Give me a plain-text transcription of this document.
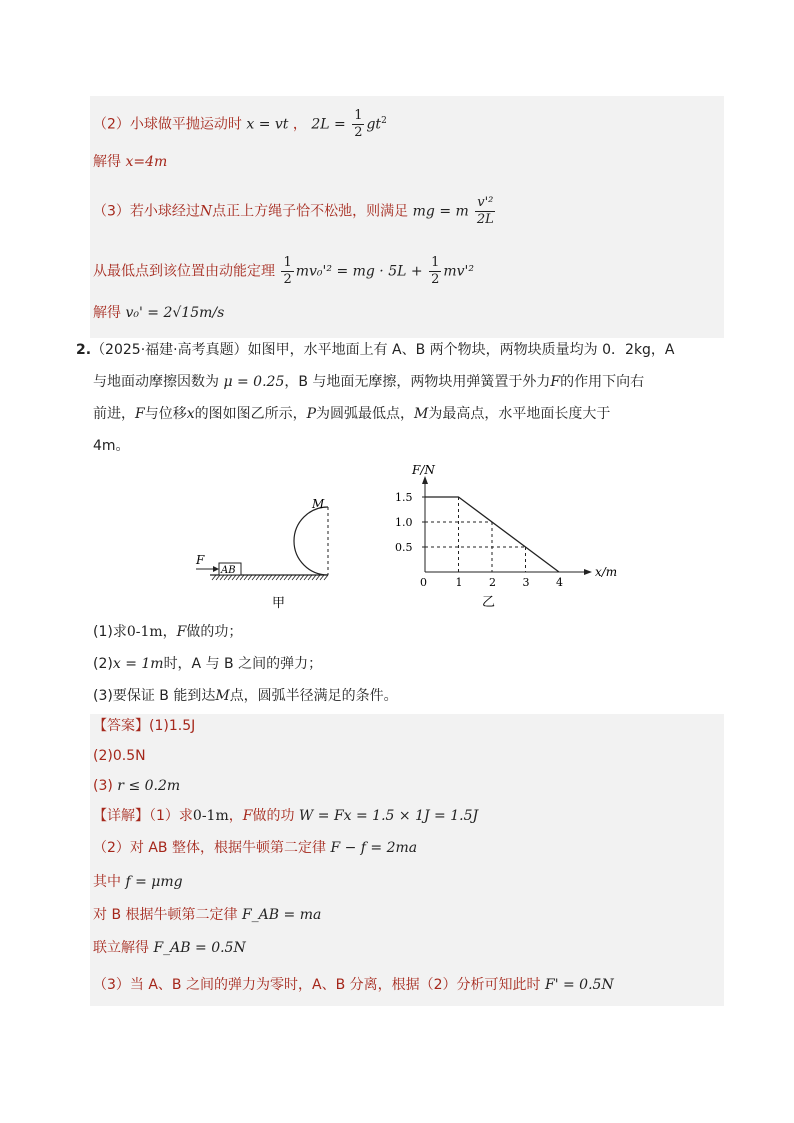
（2）小球做平抛运动时 x = vt ， $2L = \frac{1}{2} gt^2$
解得 x=4m
（3）若小球经过N点正上方绳子恰不松弛，则满足 mg = m $\frac{\text{v'²}}{2L}$
从最低点到该位置由动能定理 $\frac{1}{2} mv_0'^2$ = mg · $5L + \frac{1}{2} mv'^2$
解得 v₀' = 2√15m/s
2.（2025·福建·高考真题）如图甲，水平地面上有 A、B 两个物块，两物块质量均为 0．2kg，A
与地面动摩擦因数为 μ = 0.25，B 与地面无摩擦，两物块用弹簧置于外力F的作用下向右
前进，F与位移x的图如图乙所示，P为圆弧最低点，M为最高点，水平地面长度大于
4m。
AB
F
M
甲
F/N
x/m
0
乙
1.5
1.0
0.5
1 2 3 4
(1)求0-1m，F做的功；
(2)x = 1m时，A 与 B 之间的弹力；
(3)要保证 B 能到达M点，圆弧半径满足的条件。
【答案】(1)1.5J
(2)0.5N
(3) r ≤ 0.2m
【详解】（1）求0-1m，F做的功 W = Fx = 1.5 × 1J = 1.5J
（2）对 AB 整体，根据牛顿第二定律 F − f = 2ma
其中 f = μmg
对 B 根据牛顿第二定律 F_AB = ma
联立解得 F_AB = 0.5N
（3）当 A、B 之间的弹力为零时，A、B 分离，根据（2）分析可知此时 F' = 0.5N
